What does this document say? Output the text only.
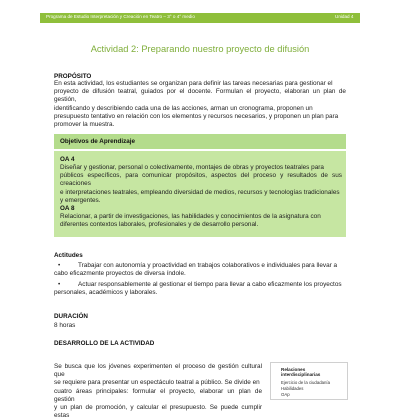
Programa de Estudio Interpretación y Creación en Teatro – 3° o 4° medio	Unidad 4
Actividad 2: Preparando nuestro proyecto de difusión
PROPÓSITO
En esta actividad, los estudiantes se organizan para definir las tareas necesarias para gestionar el
proyecto de difusión teatral, guiados por el docente. Formulan el proyecto, elaboran un plan de gestión,
identificando y describiendo cada una de las acciones, arman un cronograma, proponen un
presupuesto tentativo en relación con los elementos y recursos necesarios, y proponen un plan para
promover la muestra.
Objetivos de Aprendizaje
OA 4
Diseñar y gestionar, personal o colectivamente, montajes de obras y proyectos teatrales para
públicos específicos, para comunicar propósitos, aspectos del proceso y resultados de sus creaciones
e interpretaciones teatrales, empleando diversidad de medios, recursos y tecnologías tradicionales
y emergentes.
OA 8
Relacionar, a partir de investigaciones, las habilidades y conocimientos de la asignatura con
diferentes contextos laborales, profesionales y de desarrollo personal.
Actitudes
•	Trabajar con autonomía y proactividad en trabajos colaborativos e individuales para llevar a
cabo eficazmente proyectos de diversa índole.
•	Actuar responsablemente al gestionar el tiempo para llevar a cabo eficazmente los proyectos
personales, académicos y laborales.
DURACIÓN
8 horas
DESARROLLO DE LA ACTIVIDAD
Se busca que los jóvenes experimenten el proceso de gestión cultural que
se requiere para presentar un espectáculo teatral a público. Se divide en
cuatro áreas principales: formular el proyecto, elaborar un plan de gestión
y un plan de promoción, y calcular el presupuesto. Se puede cumplir estas
Relaciones
interdisciplinarias
Ejercicio de la ciudadanía
Habilidades
OAp
